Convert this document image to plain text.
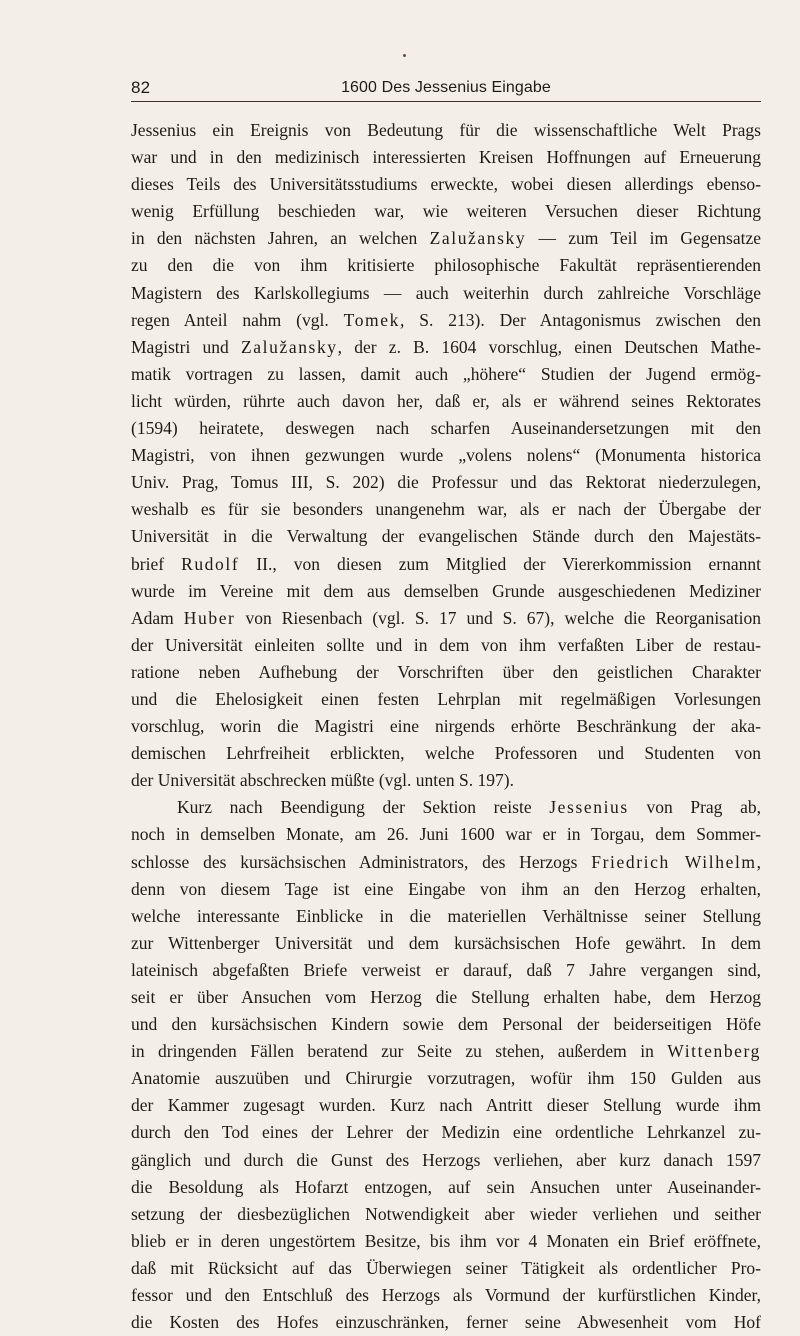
82	1600 Des Jessenius Eingabe
Jessenius ein Ereignis von Bedeutung für die wissenschaftliche Welt Prags
war und in den medizinisch interessierten Kreisen Hoffnungen auf Erneuerung
dieses Teils des Universitätsstudiums erweckte, wobei diesen allerdings ebenso-
wenig Erfüllung beschieden war, wie weiteren Versuchen dieser Richtung
in den nächsten Jahren, an welchen Zalužansky — zum Teil im Gegensatze
zu den die von ihm kritisierte philosophische Fakultät repräsentierenden
Magistern des Karlskollegiums — auch weiterhin durch zahlreiche Vorschläge
regen Anteil nahm (vgl. Tomek, S. 213). Der Antagonismus zwischen den
Magistri und Zalužansky, der z. B. 1604 vorschlug, einen Deutschen Mathe-
matik vortragen zu lassen, damit auch „höhere“ Studien der Jugend ermög-
licht würden, rührte auch davon her, daß er, als er während seines Rektorates
(1594) heiratete, deswegen nach scharfen Auseinandersetzungen mit den
Magistri, von ihnen gezwungen wurde „volens nolens“ (Monumenta historica
Univ. Prag, Tomus III, S. 202) die Professur und das Rektorat niederzulegen,
weshalb es für sie besonders unangenehm war, als er nach der Übergabe der
Universität in die Verwaltung der evangelischen Stände durch den Majestäts-
brief Rudolf II., von diesen zum Mitglied der Viererkommission ernannt
wurde im Vereine mit dem aus demselben Grunde ausgeschiedenen Mediziner
Adam Huber von Riesenbach (vgl. S. 17 und S. 67), welche die Reorganisation
der Universität einleiten sollte und in dem von ihm verfaßten Liber de restau-
ratione neben Aufhebung der Vorschriften über den geistlichen Charakter
und die Ehelosigkeit einen festen Lehrplan mit regelmäßigen Vorlesungen
vorschlug, worin die Magistri eine nirgends erhörte Beschränkung der aka-
demischen Lehrfreiheit erblickten, welche Professoren und Studenten von
der Universität abschrecken müßte (vgl. unten S. 197).
Kurz nach Beendigung der Sektion reiste Jessenius von Prag ab,
noch in demselben Monate, am 26. Juni 1600 war er in Torgau, dem Sommer-
schlosse des kursächsischen Administrators, des Herzogs Friedrich Wilhelm,
denn von diesem Tage ist eine Eingabe von ihm an den Herzog erhalten,
welche interessante Einblicke in die materiellen Verhältnisse seiner Stellung
zur Wittenberger Universität und dem kursächsischen Hofe gewährt. In dem
lateinisch abgefaßten Briefe verweist er darauf, daß 7 Jahre vergangen sind,
seit er über Ansuchen vom Herzog die Stellung erhalten habe, dem Herzog
und den kursächsischen Kindern sowie dem Personal der beiderseitigen Höfe
in dringenden Fällen beratend zur Seite zu stehen, außerdem in Wittenberg
Anatomie auszuüben und Chirurgie vorzutragen, wofür ihm 150 Gulden aus
der Kammer zugesagt wurden. Kurz nach Antritt dieser Stellung wurde ihm
durch den Tod eines der Lehrer der Medizin eine ordentliche Lehrkanzel zu-
gänglich und durch die Gunst des Herzogs verliehen, aber kurz danach 1597
die Besoldung als Hofarzt entzogen, auf sein Ansuchen unter Auseinander-
setzung der diesbezüglichen Notwendigkeit aber wieder verliehen und seither
blieb er in deren ungestörtem Besitze, bis ihm vor 4 Monaten ein Brief eröffnete,
daß mit Rücksicht auf das Überwiegen seiner Tätigkeit als ordentlicher Pro-
fessor und den Entschluß des Herzogs als Vormund der kurfürstlichen Kinder,
die Kosten des Hofes einzuschränken, ferner seine Abwesenheit vom Hof
